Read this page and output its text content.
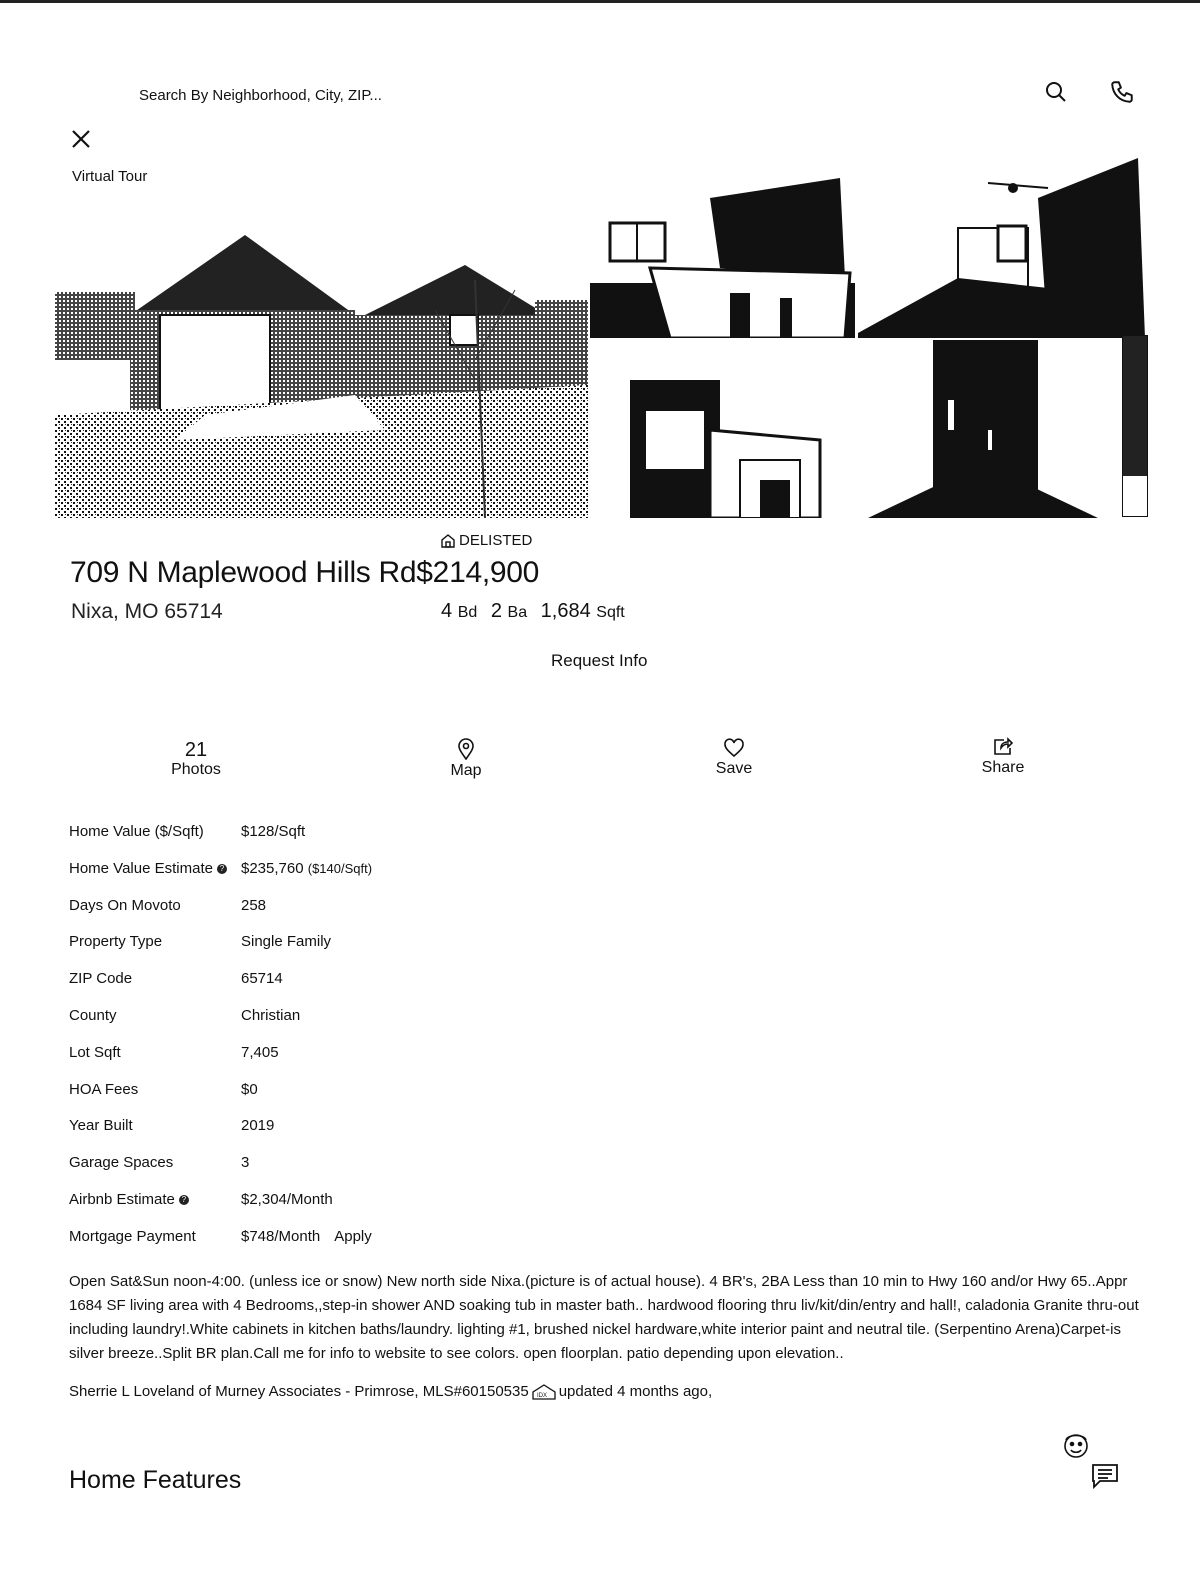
Search By Neighborhood, City, ZIP...
Virtual Tour
DELISTED
709 N Maplewood Hills Rd$214,900
Nixa, MO 65714	4 Bd 2 Ba 1,684 Sqft
Request Info
21
Photos	Map	Save	Share
Home Value ($/Sqft) $128/Sqft
Home Value Estimate ? $235,760 ($140/Sqft)
Days On Movoto	258
Property Type	Single Family
ZIP Code	65714
County	Christian
Lot Sqft	7,405
HOA Fees	$0
Year Built	2019
Garage Spaces	3
Airbnb Estimate ?	$2,304/Month
Mortgage Payment	$748/Month Apply
Open Sat&Sun noon-4:00. (unless ice or snow) New north side Nixa.(picture is of actual house). 4 BR's, 2BA Less than 10 min to Hwy 160 and/or Hwy 65..Appr 1684 SF living area with 4 Bedrooms,,step-in shower AND soaking tub in master bath.. hardwood flooring thru liv/kit/din/entry and hall!, caladonia Granite thru-out including laundry!.White cabinets in kitchen baths/laundry. lighting #1, brushed nickel hardware,white interior paint and neutral tile. (Serpentino Arena)Carpet-is silver breeze..Split BR plan.Call me for info to website to see colors. open floorplan. patio depending upon elevation..
Sherrie L Loveland of Murney Associates - Primrose, MLS#60150535 IDX updated 4 months ago,
Home Features
